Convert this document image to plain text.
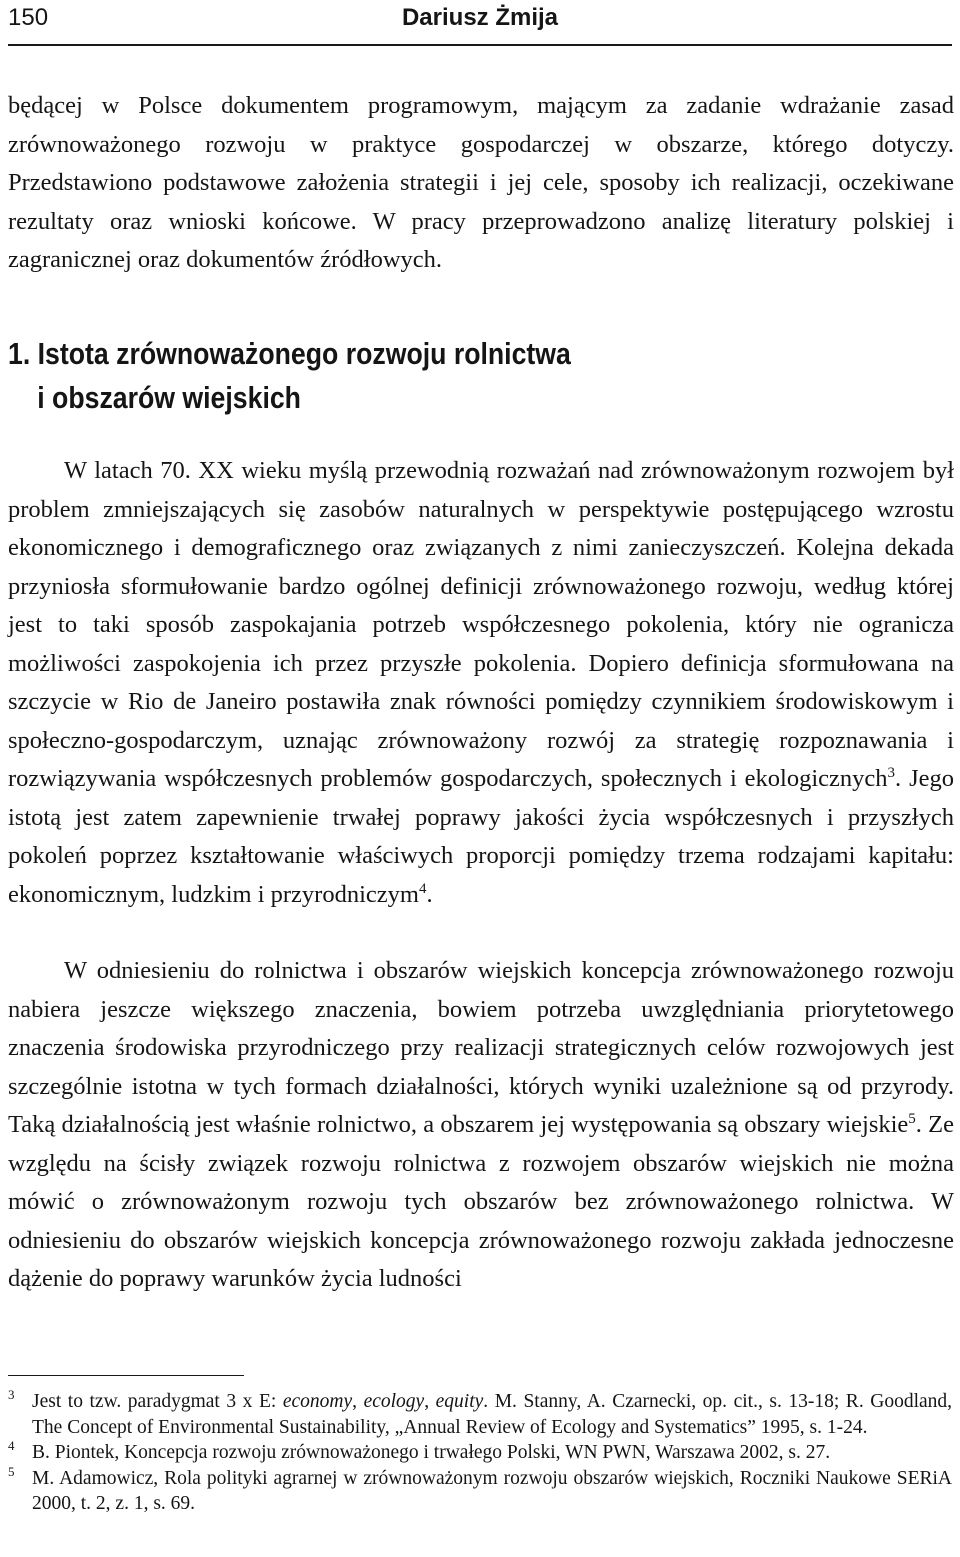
150	Dariusz Żmija

będącej w Polsce dokumentem programowym, mającym za zadanie wdrażanie zasad zrównoważonego rozwoju w praktyce gospodarczej w obszarze, którego dotyczy. Przedstawiono podstawowe założenia strategii i jej cele, sposoby ich realizacji, oczekiwane rezultaty oraz wnioski końcowe. W pracy przeprowadzono analizę literatury polskiej i zagranicznej oraz dokumentów źródłowych.

1. Istota zrównoważonego rozwoju rolnictwa
i obszarów wiejskich

W latach 70. XX wieku myślą przewodnią rozważań nad zrównoważonym rozwojem był problem zmniejszających się zasobów naturalnych w perspektywie postępującego wzrostu ekonomicznego i demograficznego oraz związanych z nimi zanieczyszczeń. Kolejna dekada przyniosła sformułowanie bardzo ogólnej definicji zrównoważonego rozwoju, według której jest to taki sposób zaspokajania potrzeb współczesnego pokolenia, który nie ogranicza możliwości zaspokojenia ich przez przyszłe pokolenia. Dopiero definicja sformułowana na szczycie w Rio de Janeiro postawiła znak równości pomiędzy czynnikiem środowiskowym i społeczno-gospodarczym, uznając zrównoważony rozwój za strategię rozpoznawania i rozwiązywania współczesnych problemów gospodarczych, społecznych i ekologicznych$^3$. Jego istotą jest zatem zapewnienie trwałej poprawy jakości życia współczesnych i przyszłych pokoleń poprzez kształtowanie właściwych proporcji pomiędzy trzema rodzajami kapitału: ekonomicznym, ludzkim i przyrodniczym$^4$.

W odniesieniu do rolnictwa i obszarów wiejskich koncepcja zrównoważonego rozwoju nabiera jeszcze większego znaczenia, bowiem potrzeba uwzględniania priorytetowego znaczenia środowiska przyrodniczego przy realizacji strategicznych celów rozwojowych jest szczególnie istotna w tych formach działalności, których wyniki uzależnione są od przyrody. Taką działalnością jest właśnie rolnictwo, a obszarem jej występowania są obszary wiejskie$^5$. Ze względu na ścisły związek rozwoju rolnictwa z rozwojem obszarów wiejskich nie można mówić o zrównoważonym rozwoju tych obszarów bez zrównoważonego rolnictwa. W odniesieniu do obszarów wiejskich koncepcja zrównoważonego rozwoju zakłada jednoczesne dążenie do poprawy warunków życia ludności

3 Jest to tzw. paradygmat 3 x E: economy, ecology, equity. M. Stanny, A. Czarnecki, op. cit., s. 13-18; R. Goodland, The Concept of Environmental Sustainability, „Annual Review of Ecology and Systematics” 1995, s. 1-24.
4 B. Piontek, Koncepcja rozwoju zrównoważonego i trwałego Polski, WN PWN, Warszawa 2002, s. 27.
5 M. Adamowicz, Rola polityki agrarnej w zrównoważonym rozwoju obszarów wiejskich, Roczniki Naukowe SERiA 2000, t. 2, z. 1, s. 69.
